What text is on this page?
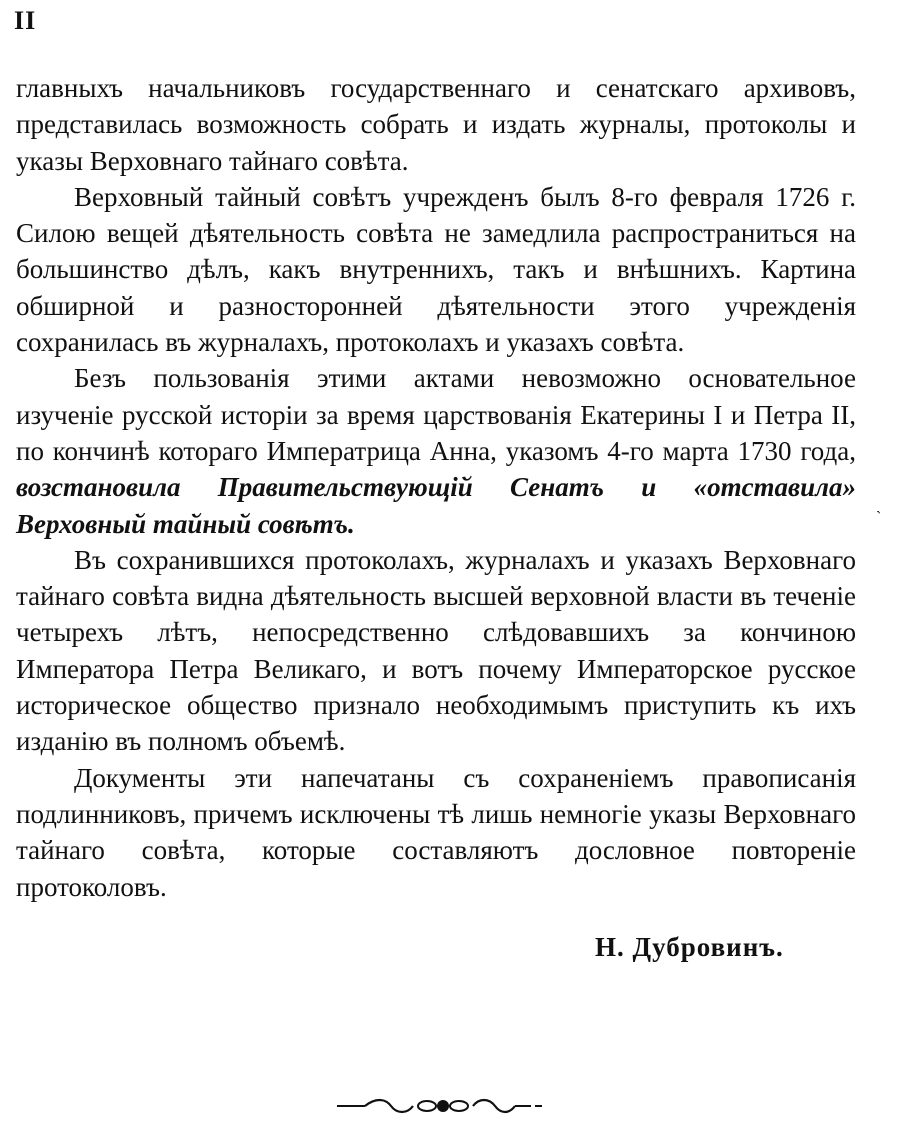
II

главныхъ начальниковъ государственнаго и сенатскаго архивовъ, представилась возможность собрать и издать журналы, протоколы и указы Верховнаго тайнаго совѣта.

Верховный тайный совѣтъ учрежденъ былъ 8-го февраля 1726 г. Силою вещей дѣятельность совѣта не замедлила распространиться на большинство дѣлъ, какъ внутреннихъ, такъ и внѣшнихъ. Картина обширной и разносторонней дѣятельности этого учрежденія сохранилась въ журналахъ, протоколахъ и указахъ совѣта.

Безъ пользованія этими актами невозможно основательное изученіе русской исторіи за время царствованія Екатерины I и Петра II, по кончинѣ котораго Императрица Анна, указомъ 4-го марта 1730 года, возстановила Правительствующій Сенатъ и «отставила» Верховный тайный совѣтъ.

Въ сохранившихся протоколахъ, журналахъ и указахъ Верховнаго тайнаго совѣта видна дѣятельность высшей верховной власти въ теченіе четырехъ лѣтъ, непосредственно слѣдовавшихъ за кончиною Императора Петра Великаго, и вотъ почему Императорское русское историческое общество признало необходимымъ приступить къ ихъ изданію въ полномъ объемѣ.

Документы эти напечатаны съ сохраненіемъ правописанія подлинниковъ, причемъ исключены тѣ лишь немногіе указы Верховнаго тайнаго совѣта, которые составляютъ дословное повтореніе протоколовъ.

ˎ
Н. Дубровинъ.
